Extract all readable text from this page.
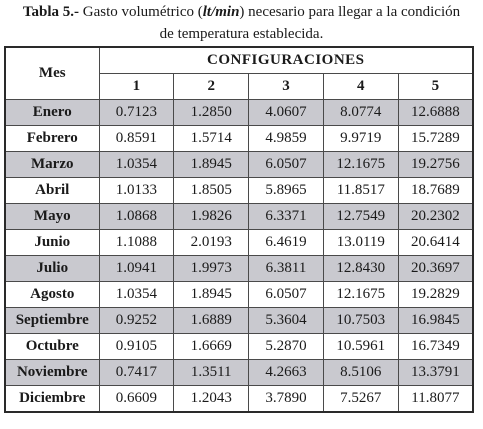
Tabla 5.- Gasto volumétrico (lt/min) necesario para llegar a la condición
de temperatura establecida.
Mes	CONFIGURACIONES				
	1	2	3	4	5
Enero	0.7123	1.2850	4.0607	8.0774	12.6888
Febrero	0.8591	1.5714	4.9859	9.9719	15.7289
Marzo	1.0354	1.8945	6.0507	12.1675	19.2756
Abril	1.0133	1.8505	5.8965	11.8517	18.7689
Mayo	1.0868	1.9826	6.3371	12.7549	20.2302
Junio	1.1088	2.0193	6.4619	13.0119	20.6414
Julio	1.0941	1.9973	6.3811	12.8430	20.3697
Agosto	1.0354	1.8945	6.0507	12.1675	19.2829
Septiembre	0.9252	1.6889	5.3604	10.7503	16.9845
Octubre	0.9105	1.6669	5.2870	10.5961	16.7349
Noviembre	0.7417	1.3511	4.2663	8.5106	13.3791
Diciembre	0.6609	1.2043	3.7890	7.5267	11.8077
